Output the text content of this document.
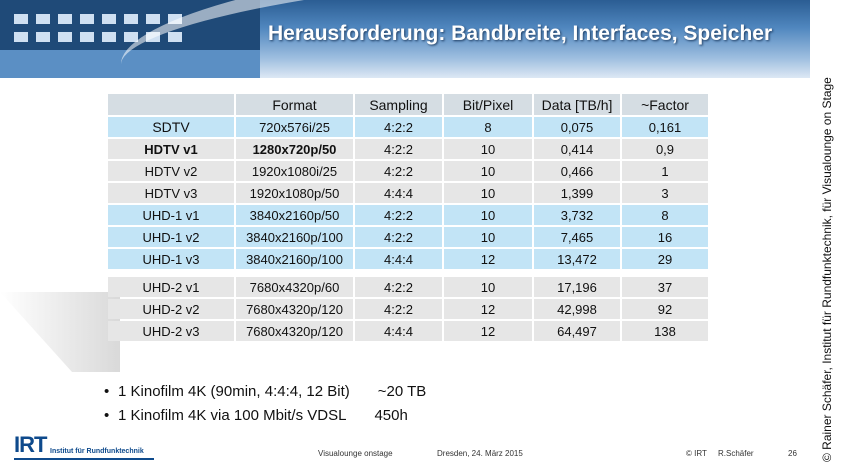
Herausforderung: Bandbreite, Interfaces, Speicher
	Format	Sampling	Bit/Pixel	Data [TB/h]	~Factor
SDTV	720x576i/25	4:2:2	8	0,075	0,161
HDTV v1	1280x720p/50	4:2:2	10	0,414	0,9
HDTV v2	1920x1080i/25	4:2:2	10	0,466	1
HDTV v3	1920x1080p/50	4:4:4	10	1,399	3
UHD-1 v1	3840x2160p/50	4:2:2	10	3,732	8
UHD-1 v2	3840x2160p/100	4:2:2	10	7,465	16
UHD-1 v3	3840x2160p/100	4:4:4	12	13,472	29

UHD-2 v1	7680x4320p/60	4:2:2	10	17,196	37
UHD-2 v2	7680x4320p/120	4:2:2	12	42,998	92
UHD-2 v3	7680x4320p/120	4:4:4	12	64,497	138
• 1 Kinofilm 4K (90min, 4:4:4, 12 Bit) ~20 TB
• 1 Kinofilm 4K via 100 Mbit/s VDSL 450h
IRT Institut für Rundfunktechnik	Visualounge onstage	Dresden, 24. März 2015	© IRT R.Schäfer	26 © Rainer Schäfer, Institut für Rundfunktechnik, für Visualounge on Stage
